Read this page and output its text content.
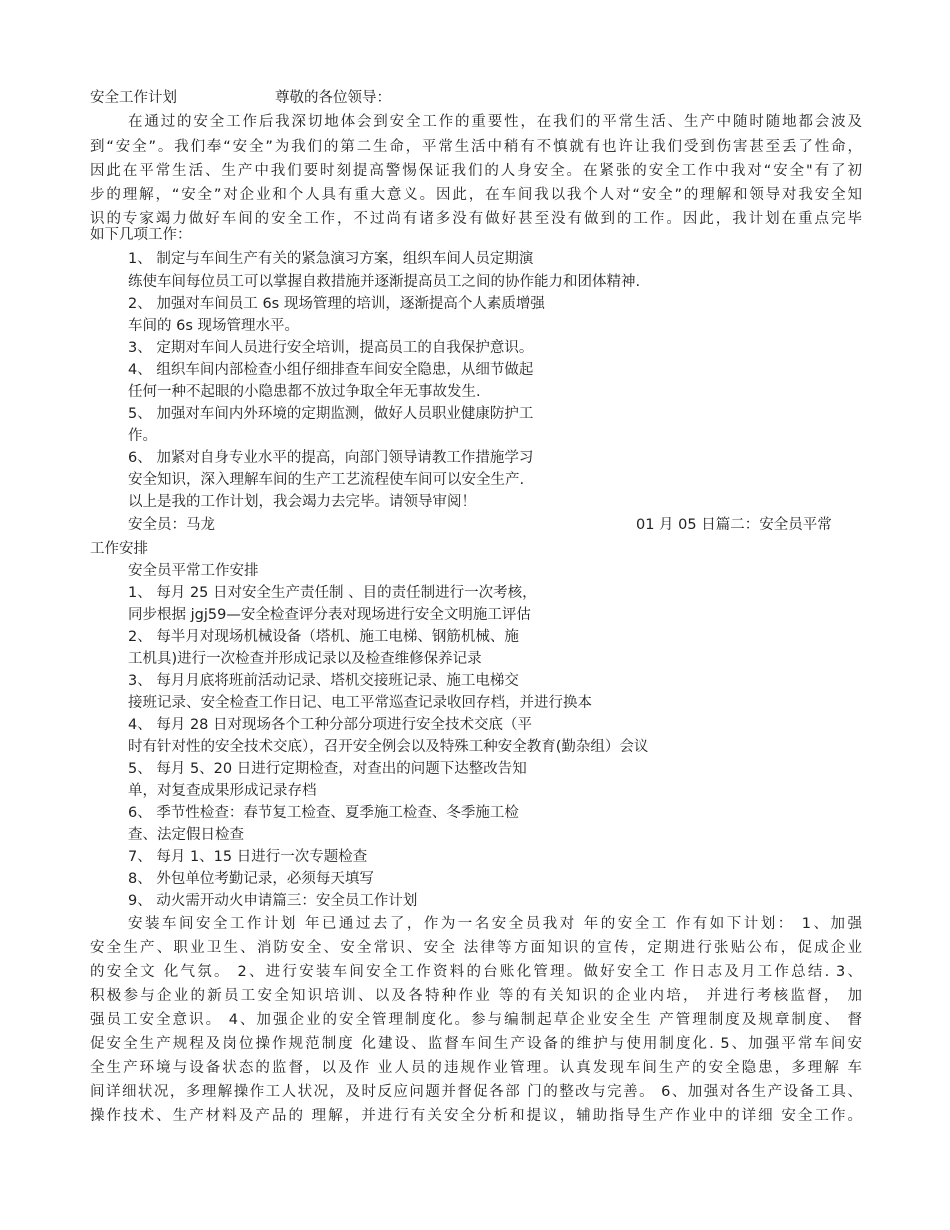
安全工作计划	尊敬的各位领导：
在通过的安全工作后我深切地体会到安全工作的重要性，在我们的平常生活、生产中随时随地都会波及
到“安全”。我们奉“安全”为我们的第二生命，平常生活中稍有不慎就有也许让我们受到伤害甚至丢了性命，
因此在平常生活、生产中我们要时刻提高警惕保证我们的人身安全。在紧张的安全工作中我对“安全"有了初
步的理解，“安全”对企业和个人具有重大意义。因此，在车间我以我个人对“安全”的理解和领导对我安全知
识的专家竭力做好车间的安全工作，不过尚有诸多没有做好甚至没有做到的工作。因此，我计划在重点完毕
如下几项工作：
1、 制定与车间生产有关的紧急演习方案，组织车间人员定期演
练使车间每位员工可以掌握自救措施并逐渐提高员工之间的协作能力和团体精神.
2、 加强对车间员工 6s 现场管理的培训，逐渐提高个人素质增强
车间的 6s 现场管理水平。
3、 定期对车间人员进行安全培训，提高员工的自我保护意识。
4、 组织车间内部检查小组仔细排查车间安全隐患，从细节做起
任何一种不起眼的小隐患都不放过争取全年无事故发生.
5、 加强对车间内外环境的定期监测，做好人员职业健康防护工
作。
6、 加紧对自身专业水平的提高，向部门领导请教工作措施学习
安全知识，深入理解车间的生产工艺流程使车间可以安全生产.
以上是我的工作计划，我会竭力去完毕。请领导审阅！
安全员：马龙	01 月 05 日篇二：安全员平常
工作安排
安全员平常工作安排
1、 每月 25 日对安全生产责任制 、目的责任制进行一次考核，
同步根据 jgj59—安全检查评分表对现场进行安全文明施工评估
2、 每半月对现场机械设备（塔机、施工电梯、钢筋机械、施
工机具)进行一次检查并形成记录以及检查维修保养记录
3、 每月月底将班前活动记录、塔机交接班记录、施工电梯交
接班记录、安全检查工作日记、电工平常巡查记录收回存档，并进行换本
4、 每月 28 日对现场各个工种分部分项进行安全技术交底（平
时有针对性的安全技术交底），召开安全例会以及特殊工种安全教育(勤杂组）会议
5、 每月 5、20 日进行定期检查，对查出的问题下达整改告知
单，对复查成果形成记录存档
6、 季节性检查：春节复工检查、夏季施工检查、冬季施工检
查、法定假日检查
7、 每月 1、15 日进行一次专题检查
8、 外包单位考勤记录，必须每天填写
9、 动火需开动火申请篇三：安全员工作计划
安装车间安全工作计划 年已通过去了，作为一名安全员我对 年的安全工 作有如下计划： 1、加强
安全生产、职业卫生、消防安全、安全常识、安全 法律等方面知识的宣传，定期进行张贴公布，促成企业
的安全文 化气氛。 2、进行安装车间安全工作资料的台账化管理。做好安全工 作日志及月工作总结. 3、
积极参与企业的新员工安全知识培训、以及各特种作业 等的有关知识的企业内培， 并进行考核监督， 加
强员工安全意识。 4、加强企业的安全管理制度化。参与编制起草企业安全生 产管理制度及规章制度、 督
促安全生产规程及岗位操作规范制度 化建设、监督车间生产设备的维护与使用制度化. 5、加强平常车间安
全生产环境与设备状态的监督，以及作 业人员的违规作业管理。认真发现车间生产的安全隐患，多理解 车
间详细状况，多理解操作工人状况，及时反应问题并督促各部 门的整改与完善。 6、加强对各生产设备工具、
操作技术、生产材料及产品的 理解，并进行有关安全分析和提议，辅助指导生产作业中的详细 安全工作。
